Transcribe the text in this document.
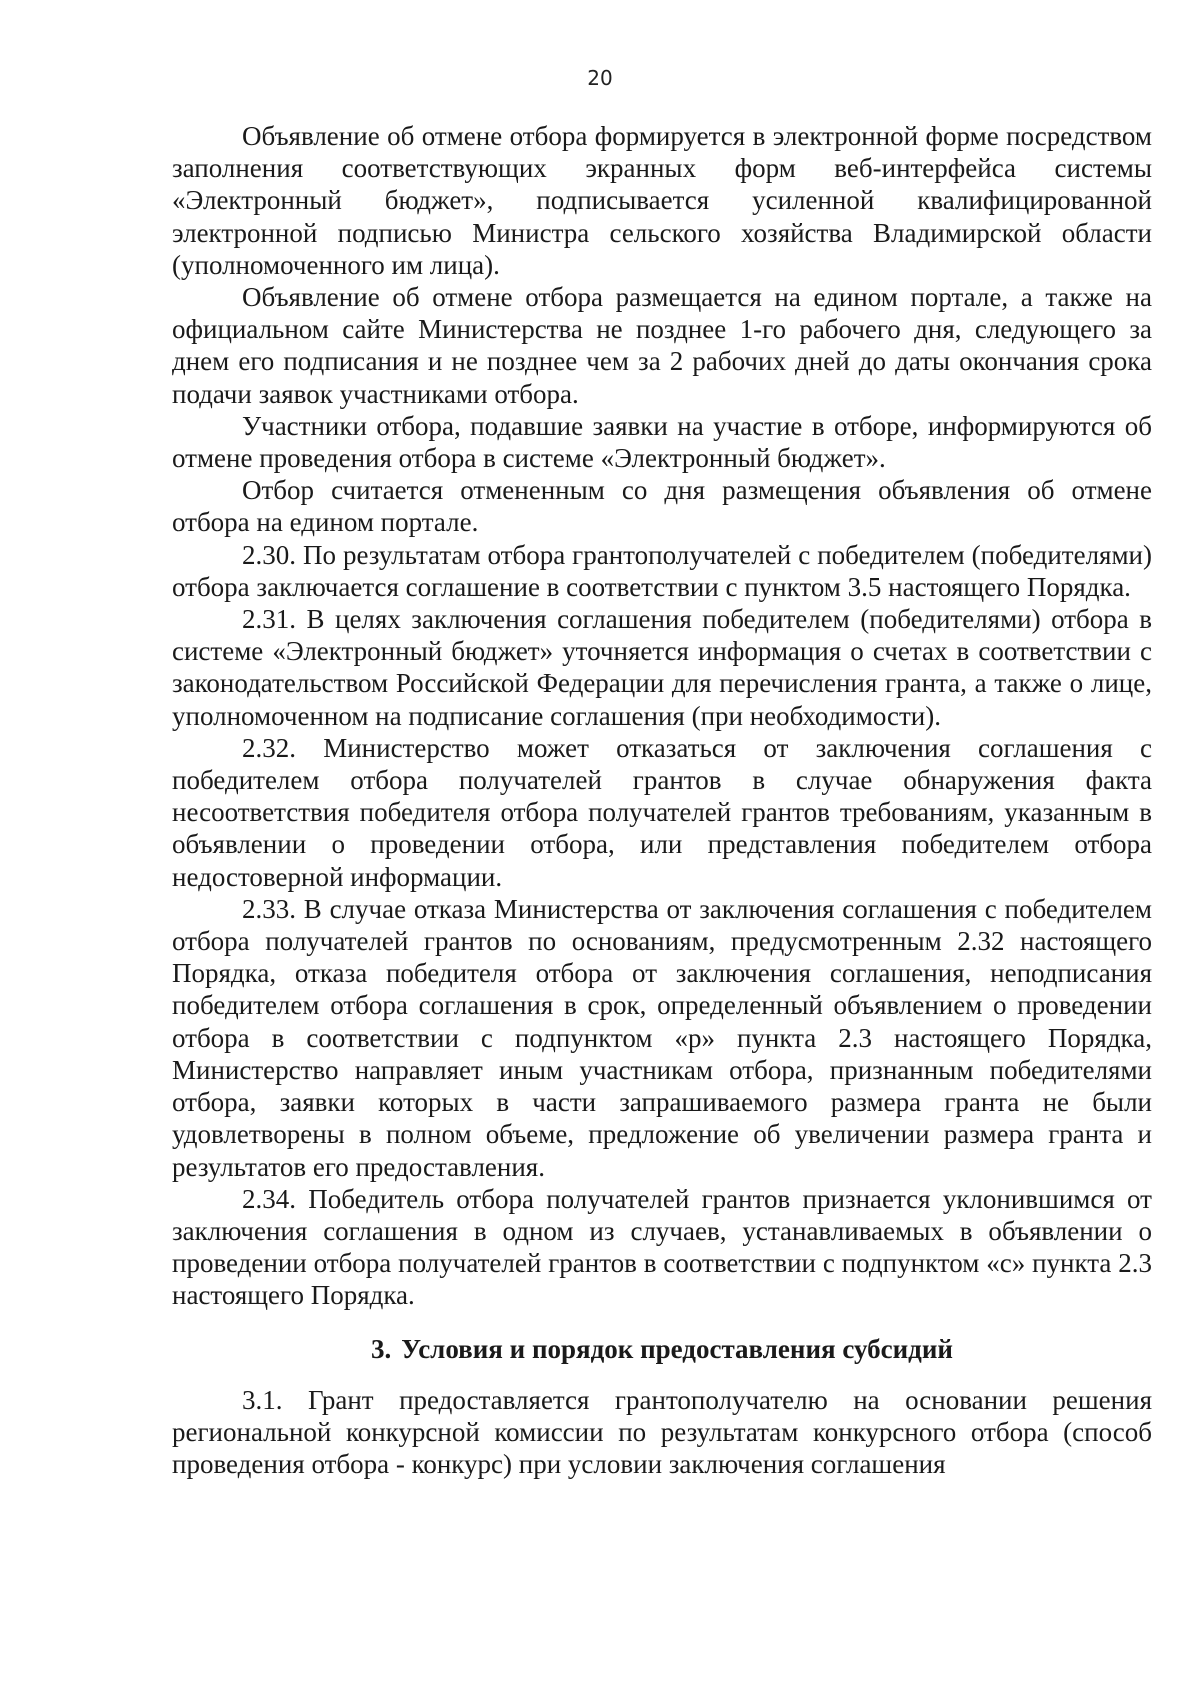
20

Объявление об отмене отбора формируется в электронной форме посредством заполнения соответствующих экранных форм веб-интерфейса системы «Электронный бюджет», подписывается усиленной квалифицированной электронной подписью Министра сельского хозяйства Владимирской области (уполномоченного им лица).

Объявление об отмене отбора размещается на едином портале, а также на официальном сайте Министерства не позднее 1-го рабочего дня, следующего за днем его подписания и не позднее чем за 2 рабочих дней до даты окончания срока подачи заявок участниками отбора.

Участники отбора, подавшие заявки на участие в отборе, информируются об отмене проведения отбора в системе «Электронный бюджет».

Отбор считается отмененным со дня размещения объявления об отмене отбора на едином портале.

2.30. По результатам отбора грантополучателей с победителем (победителями) отбора заключается соглашение в соответствии с пунктом 3.5 настоящего Порядка.

2.31. В целях заключения соглашения победителем (победителями) отбора в системе «Электронный бюджет» уточняется информация о счетах в соответствии с законодательством Российской Федерации для перечисления гранта, а также о лице, уполномоченном на подписание соглашения (при необходимости).

2.32. Министерство может отказаться от заключения соглашения с победителем отбора получателей грантов в случае обнаружения факта несоответствия победителя отбора получателей грантов требованиям, указанным в объявлении о проведении отбора, или представления победителем отбора недостоверной информации.

2.33. В случае отказа Министерства от заключения соглашения с победителем отбора получателей грантов по основаниям, предусмотренным 2.32 настоящего Порядка, отказа победителя отбора от заключения соглашения, неподписания победителем отбора соглашения в срок, определенный объявлением о проведении отбора в соответствии с подпунктом «р» пункта 2.3 настоящего Порядка, Министерство направляет иным участникам отбора, признанным победителями отбора, заявки которых в части запрашиваемого размера гранта не были удовлетворены в полном объеме, предложение об увеличении размера гранта и результатов его предоставления.

2.34. Победитель отбора получателей грантов признается уклонившимся от заключения соглашения в одном из случаев, устанавливаемых в объявлении о проведении отбора получателей грантов в соответствии с подпунктом «с» пункта 2.3 настоящего Порядка.

3. Условия и порядок предоставления субсидий

3.1. Грант предоставляется грантополучателю на основании решения региональной конкурсной комиссии по результатам конкурсного отбора (способ проведения отбора - конкурс) при условии заключения соглашения
